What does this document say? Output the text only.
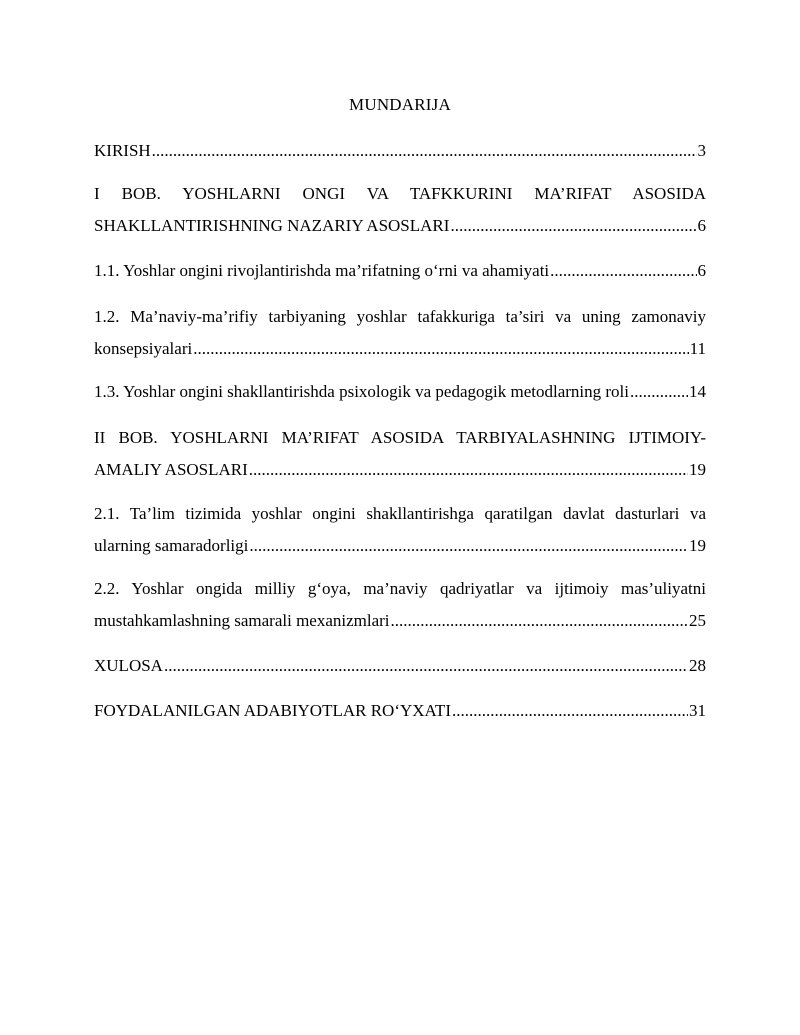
MUNDARIJA
KIRISH .....	3
I BOB. YOSHLARNI ONGI VA TAFKKURINI MA’RIFAT ASOSIDA
SHAKLLANTIRISHNING NAZARIY ASOSLARI .....	6
1.1. Yoshlar ongini rivojlantirishda ma’rifatning o‘rni va ahamiyati .....	6
1.2. Ma’naviy-ma’rifiy tarbiyaning yoshlar tafakkuriga ta’siri va uning zamonaviy
konsepsiyalari .....	11
1.3. Yoshlar ongini shakllantirishda psixologik va pedagogik metodlarning roli .....	14
II BOB. YOSHLARNI MA’RIFAT ASOSIDA TARBIYALASHNING IJTIMOIY-
AMALIY ASOSLARI .....	19
2.1. Ta’lim tizimida yoshlar ongini shakllantirishga qaratilgan davlat dasturlari va
ularning samaradorligi .....	19
2.2. Yoshlar ongida milliy g‘oya, ma’naviy qadriyatlar va ijtimoiy mas’uliyatni
mustahkamlashning samarali mexanizmlari .....	25
XULOSA .....	28
FOYDALANILGAN ADABIYOTLAR RO‘YXATI .....	31
